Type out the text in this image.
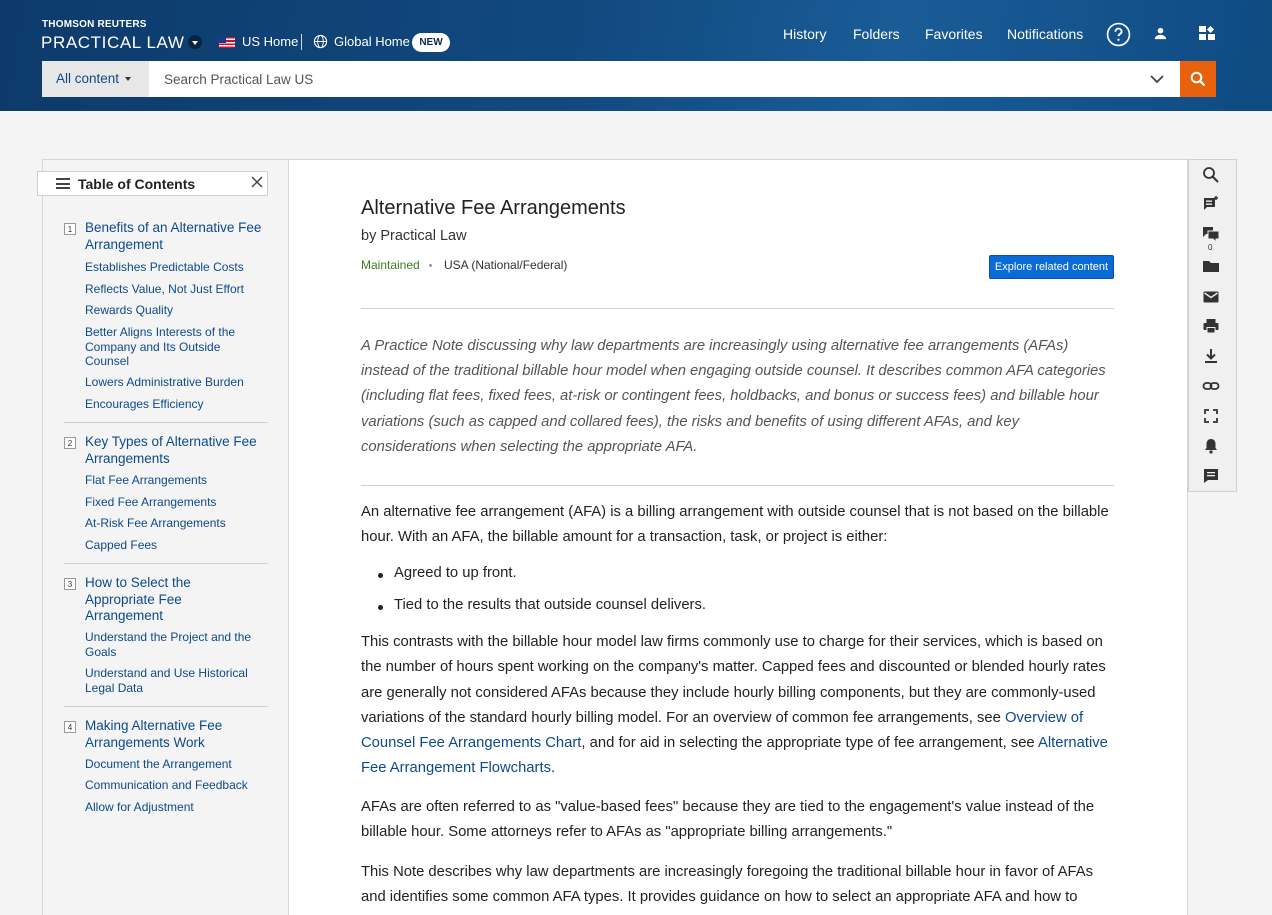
THOMSON REUTERS
PRACTICAL LAW	US Home	Global Home NEW
History Folders Favorites Notifications
All content
Search Practical Law US
Table of Contents
1 Benefits of an Alternative Fee Arrangement
Establishes Predictable Costs
Reflects Value, Not Just Effort
Rewards Quality
Better Aligns Interests of the Company and Its Outside Counsel
Lowers Administrative Burden
Encourages Efficiency
2 Key Types of Alternative Fee Arrangements
Flat Fee Arrangements
Fixed Fee Arrangements
At-Risk Fee Arrangements
Capped Fees
3 How to Select the Appropriate Fee Arrangement
Understand the Project and the Goals
Understand and Use Historical Legal Data
4 Making Alternative Fee Arrangements Work
Document the Arrangement
Communication and Feedback
Allow for Adjustment
Alternative Fee Arrangements
by Practical Law
Maintained USA (National/Federal)	Explore related content
A Practice Note discussing why law departments are increasingly using alternative fee arrangements (AFAs) instead of the traditional billable hour model when engaging outside counsel. It describes common AFA categories (including flat fees, fixed fees, at-risk or contingent fees, holdbacks, and bonus or success fees) and billable hour variations (such as capped and collared fees), the risks and benefits of using different AFAs, and key considerations when selecting the appropriate AFA.
An alternative fee arrangement (AFA) is a billing arrangement with outside counsel that is not based on the billable hour. With an AFA, the billable amount for a transaction, task, or project is either:
Agreed to up front.
Tied to the results that outside counsel delivers.
This contrasts with the billable hour model law firms commonly use to charge for their services, which is based on the number of hours spent working on the company's matter. Capped fees and discounted or blended hourly rates are generally not considered AFAs because they include hourly billing components, but they are commonly-used variations of the standard hourly billing model. For an overview of common fee arrangements, see Overview of Counsel Fee Arrangements Chart, and for aid in selecting the appropriate type of fee arrangement, see Alternative Fee Arrangement Flowcharts.
AFAs are often referred to as "value-based fees" because they are tied to the engagement's value instead of the billable hour. Some attorneys refer to AFAs as "appropriate billing arrangements."
This Note describes why law departments are increasingly foregoing the traditional billable hour in favor of AFAs and identifies some common AFA types. It provides guidance on how to select an appropriate AFA and how to
0
